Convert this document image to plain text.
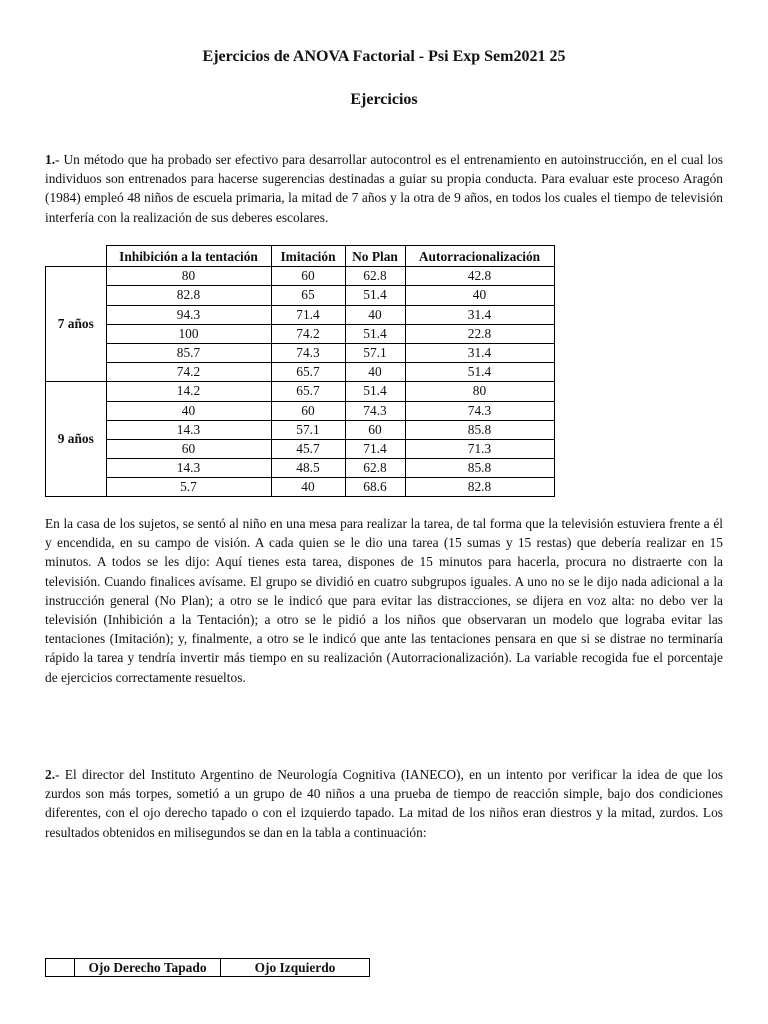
Ejercicios de ANOVA Factorial - Psi Exp Sem2021 25
Ejercicios

1.- Un método que ha probado ser efectivo para desarrollar autocontrol es el entrenamiento en autoinstrucción, en el cual los individuos son entrenados para hacerse sugerencias destinadas a guiar su propia conducta. Para evaluar este proceso Aragón (1984) empleó 48 niños de escuela primaria, la mitad de 7 años y la otra de 9 años, en todos los cuales el tiempo de televisión interfería con la realización de sus deberes escolares.

	Inhibición a la tentación	Imitación	No Plan	Autorracionalización
7 años	80	60	62.8	42.8
	82.8	65	51.4	40
	94.3	71.4	40	31.4
	100	74.2	51.4	22.8
	85.7	74.3	57.1	31.4
	74.2	65.7	40	51.4
9 años	14.2	65.7	51.4	80
	40	60	74.3	74.3
	14.3	57.1	60	85.8
	60	45.7	71.4	71.3
	14.3	48.5	62.8	85.8
	5.7	40	68.6	82.8

En la casa de los sujetos, se sentó al niño en una mesa para realizar la tarea, de tal forma que la televisión estuviera frente a él y encendida, en su campo de visión. A cada quien se le dio una tarea (15 sumas y 15 restas) que debería realizar en 15 minutos. A todos se les dijo: Aquí tienes esta tarea, dispones de 15 minutos para hacerla, procura no distraerte con la televisión. Cuando finalices avísame. El grupo se dividió en cuatro subgrupos iguales. A uno no se le dijo nada adicional a la instrucción general (No Plan); a otro se le indicó que para evitar las distracciones, se dijera en voz alta: no debo ver la televisión (Inhibición a la Tentación); a otro se le pidió a los niños que observaran un modelo que lograba evitar las tentaciones (Imitación); y, finalmente, a otro se le indicó que ante las tentaciones pensara en que si se distrae no terminaría rápido la tarea y tendría invertir más tiempo en su realización (Autorracionalización). La variable recogida fue el porcentaje de ejercicios correctamente resueltos.

2.- El director del Instituto Argentino de Neurología Cognitiva (IANECO), en un intento por verificar la idea de que los zurdos son más torpes, sometió a un grupo de 40 niños a una prueba de tiempo de reacción simple, bajo dos condiciones diferentes, con el ojo derecho tapado o con el izquierdo tapado. La mitad de los niños eran diestros y la mitad, zurdos. Los resultados obtenidos en milisegundos se dan en la tabla a continuación:

	Ojo Derecho Tapado	Ojo Izquierdo
